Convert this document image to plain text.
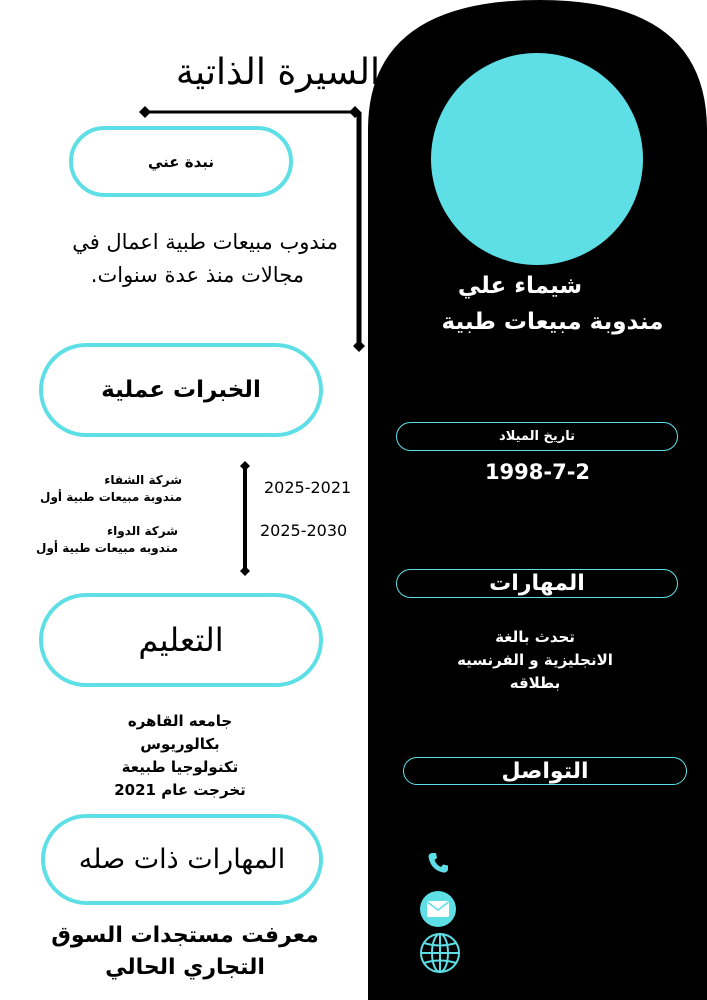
شيماء علي
مندوبة مبيعات طبية
تاريخ الميلاد
1998-7-2
المهارات
تحدث بالغة
الانجليزية و الفرنسيه
بطلاقه
التواصل
السيرة الذاتية
نبدة عني
مندوب مبيعات طبية اعمال في
مجالات منذ عدة سنوات.
الخبرات عملية
شركة الشفاء
مندوبة مبيعات طبية أول	2025-2021
شركة الدواء
مندوبه مبيعات طبية أول
2025-2030
التعليم
جامعه القاهره
بكالوريوس
تكنولوجيا طبيعة
تخرجت عام 2021
المهارات ذات صله
معرفت مستجدات السوق
التجاري الحالي
